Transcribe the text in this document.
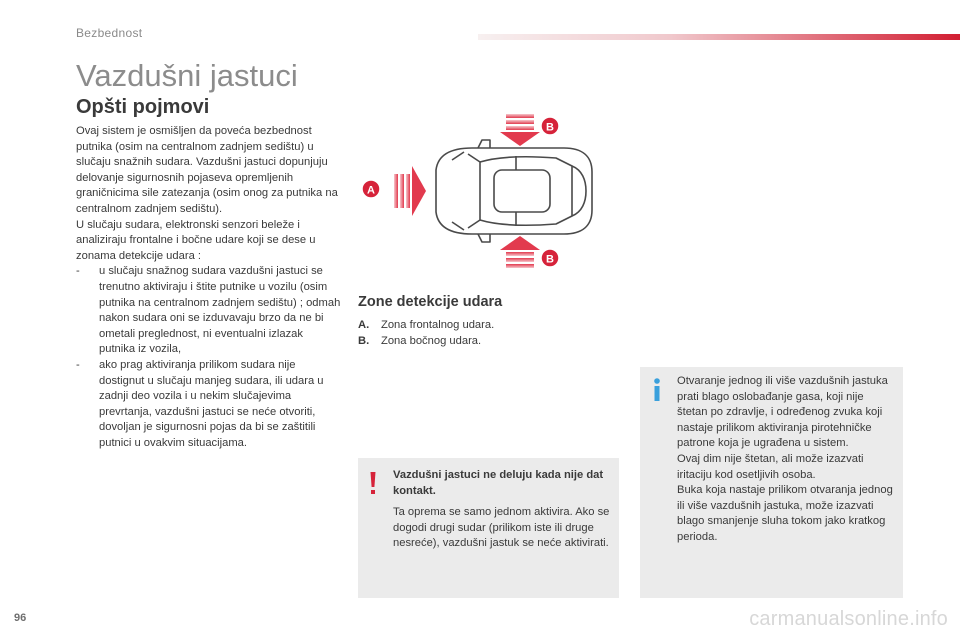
Bezbednost
Vazdušni jastuci
Opšti pojmovi

Ovaj sistem je osmišljen da poveća bezbednost putnika (osim na centralnom zadnjem sedištu) u slučaju snažnih sudara. Vazdušni jastuci dopunjuju delovanje sigurnosnih pojaseva opremljenih graničnicima sile zatezanja (osim onog za putnika na centralnom zadnjem sedištu).

U slučaju sudara, elektronski senzori beleže i analiziraju frontalne i bočne udare koji se dese u zonama detekcije udara :

- u slučaju snažnog sudara vazdušni jastuci se trenutno aktiviraju i štite putnike u vozilu (osim putnika na centralnom zadnjem sedištu) ; odmah nakon sudara oni se izduvavaju brzo da ne bi ometali preglednost, ni eventualni izlazak putnika iz vozila,
- ako prag aktiviranja prilikom sudara nije dostignut u slučaju manjeg sudara, ili udara u zadnji deo vozila i u nekim slučajevima prevrtanja, vazdušni jastuci se neće otvoriti, dovoljan je sigurnosni pojas da bi se zaštitili putnici u ovakvim situacijama.
A
B
B
Zone detekcije udara
A. Zona frontalnog udara.
B. Zona bočnog udara.
Vazdušni jastuci ne deluju kada nije dat kontakt.
Ta oprema se samo jednom aktivira. Ako se dogodi drugi sudar (prilikom iste ili druge nesreće), vazdušni jastuk se neće aktivirati.

Otvaranje jednog ili više vazdušnih jastuka prati blago oslobađanje gasa, koji nije štetan po zdravlje, i određenog zvuka koji nastaje prilikom aktiviranja pirotehničke patrone koja je ugrađena u sistem.

Ovaj dim nije štetan, ali može izazvati iritaciju kod osetljivih osoba.

Buka koja nastaje prilikom otvaranja jednog ili više vazdušnih jastuka, može izazvati blago smanjenje sluha tokom jako kratkog perioda.

96	carmanualsonline.info
